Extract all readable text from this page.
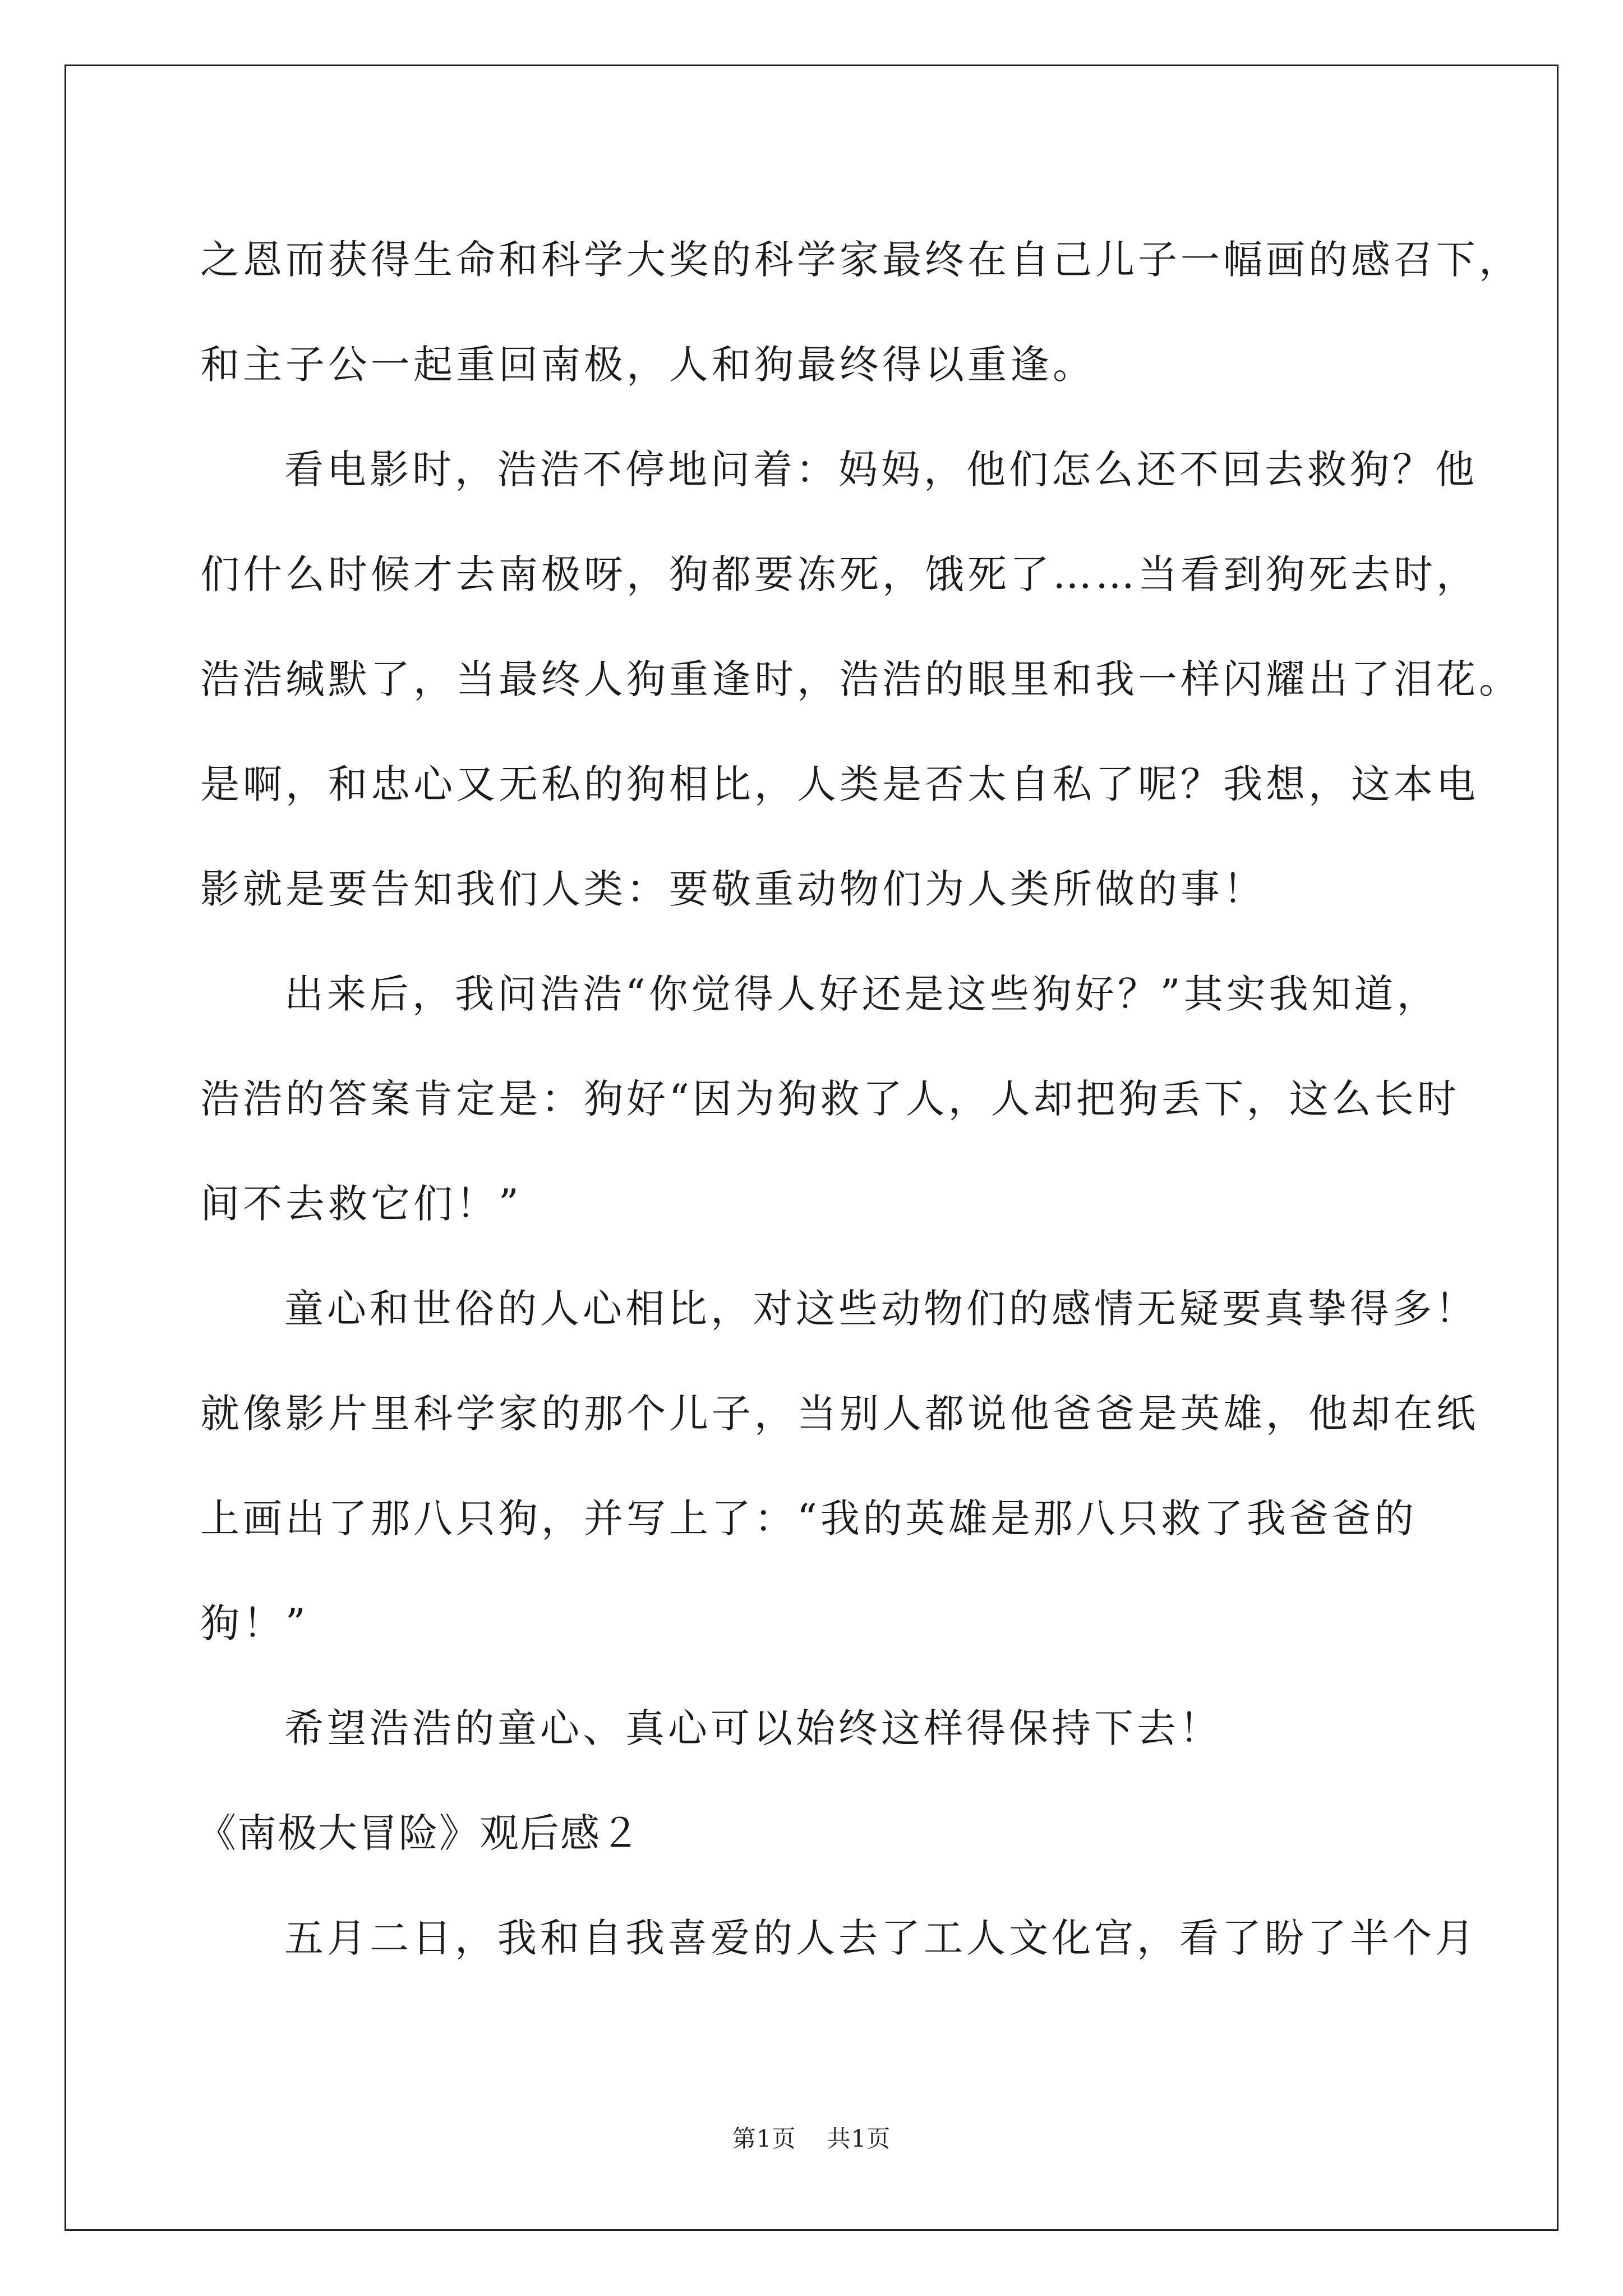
之恩而获得生命和科学大奖的科学家最终在自己儿子一幅画的感召下，
和主子公一起重回南极，人和狗最终得以重逢。
看电影时，浩浩不停地问着：妈妈，他们怎么还不回去救狗？他
们什么时候才去南极呀，狗都要冻死，饿死了……当看到狗死去时，
浩浩缄默了，当最终人狗重逢时，浩浩的眼里和我一样闪耀出了泪花。
是啊，和忠心又无私的狗相比，人类是否太自私了呢？我想，这本电
影就是要告知我们人类：要敬重动物们为人类所做的事！
出来后，我问浩浩“你觉得人好还是这些狗好？”其实我知道，
浩浩的答案肯定是：狗好“因为狗救了人，人却把狗丢下，这么长时
间不去救它们！”
童心和世俗的人心相比，对这些动物们的感情无疑要真挚得多！
就像影片里科学家的那个儿子，当别人都说他爸爸是英雄，他却在纸
上画出了那八只狗，并写上了：“我的英雄是那八只救了我爸爸的
狗！”
希望浩浩的童心、真心可以始终这样得保持下去！
《南极大冒险》观后感２
五月二日，我和自我喜爱的人去了工人文化宫，看了盼了半个月
第1页 共1页
